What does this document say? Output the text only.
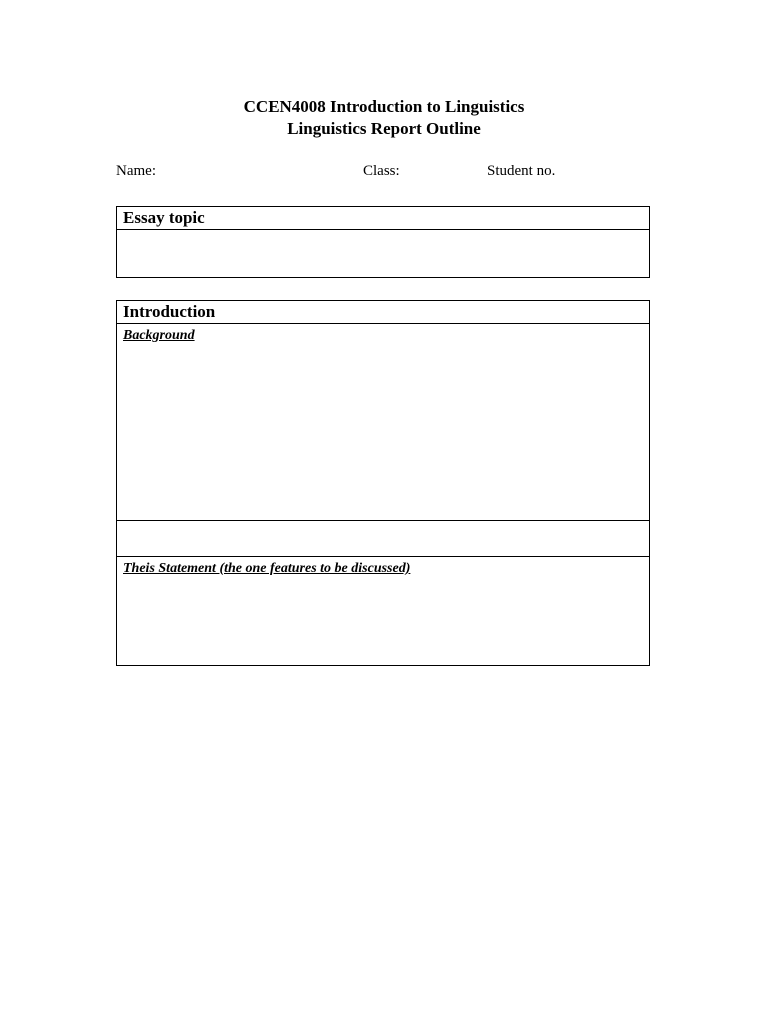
CCEN4008 Introduction to Linguistics
Linguistics Report Outline
Name:	Class:	Student no.
Essay topic
Introduction
Background
Theis Statement (the one features to be discussed)
